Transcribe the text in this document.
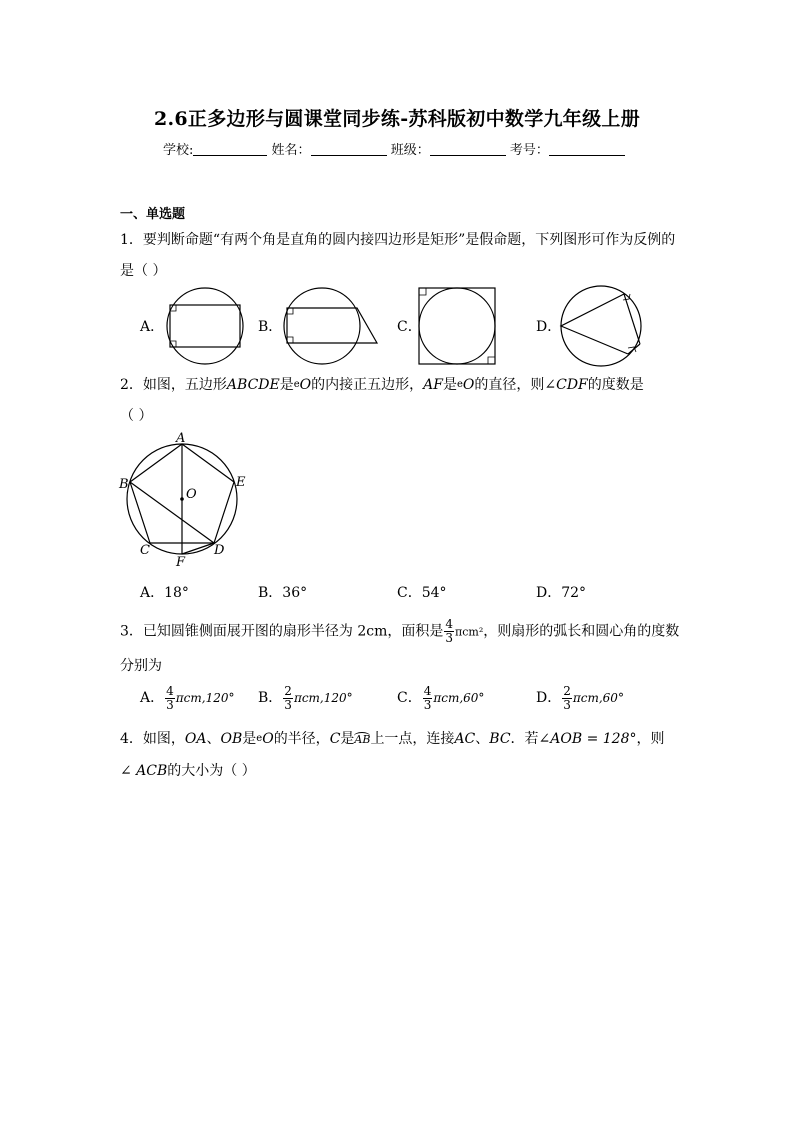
2.6正多边形与圆课堂同步练-苏科版初中数学九年级上册
学校:	姓名：	班级：	考号：
一、单选题
1．要判断命题“有两个角是直角的圆内接四边形是矩形”是假命题，下列图形可作为反例的
是（ ）
A．	B．	C．	D．
2．如图，五边形ABCDE是eO的内接正五边形，AF是eO的直径，则∠CDF的度数是
（ ）
A
B
C	D
E
F
O
A．18°	B．36°	C．54°	D．72°
3．已知圆锥侧面展开图的扇形半径为 2cm，面积是 $\frac{4}{3} \pi cm^2$，则扇形的弧长和圆心角的度数
分别为
A． $\frac{4}{3} \pi cm,120^\circ$ B． $\frac{2}{3} \pi cm,120^\circ$	C． $\frac{4}{3} \pi cm,60^\circ$	D． $\frac{2}{3} \pi cm,60^\circ$
4．如图，OA、OB是eO的半径，C是AB上一点，连接AC、BC．若∠AOB = 128°，则
∠ ACB的大小为（ ）
